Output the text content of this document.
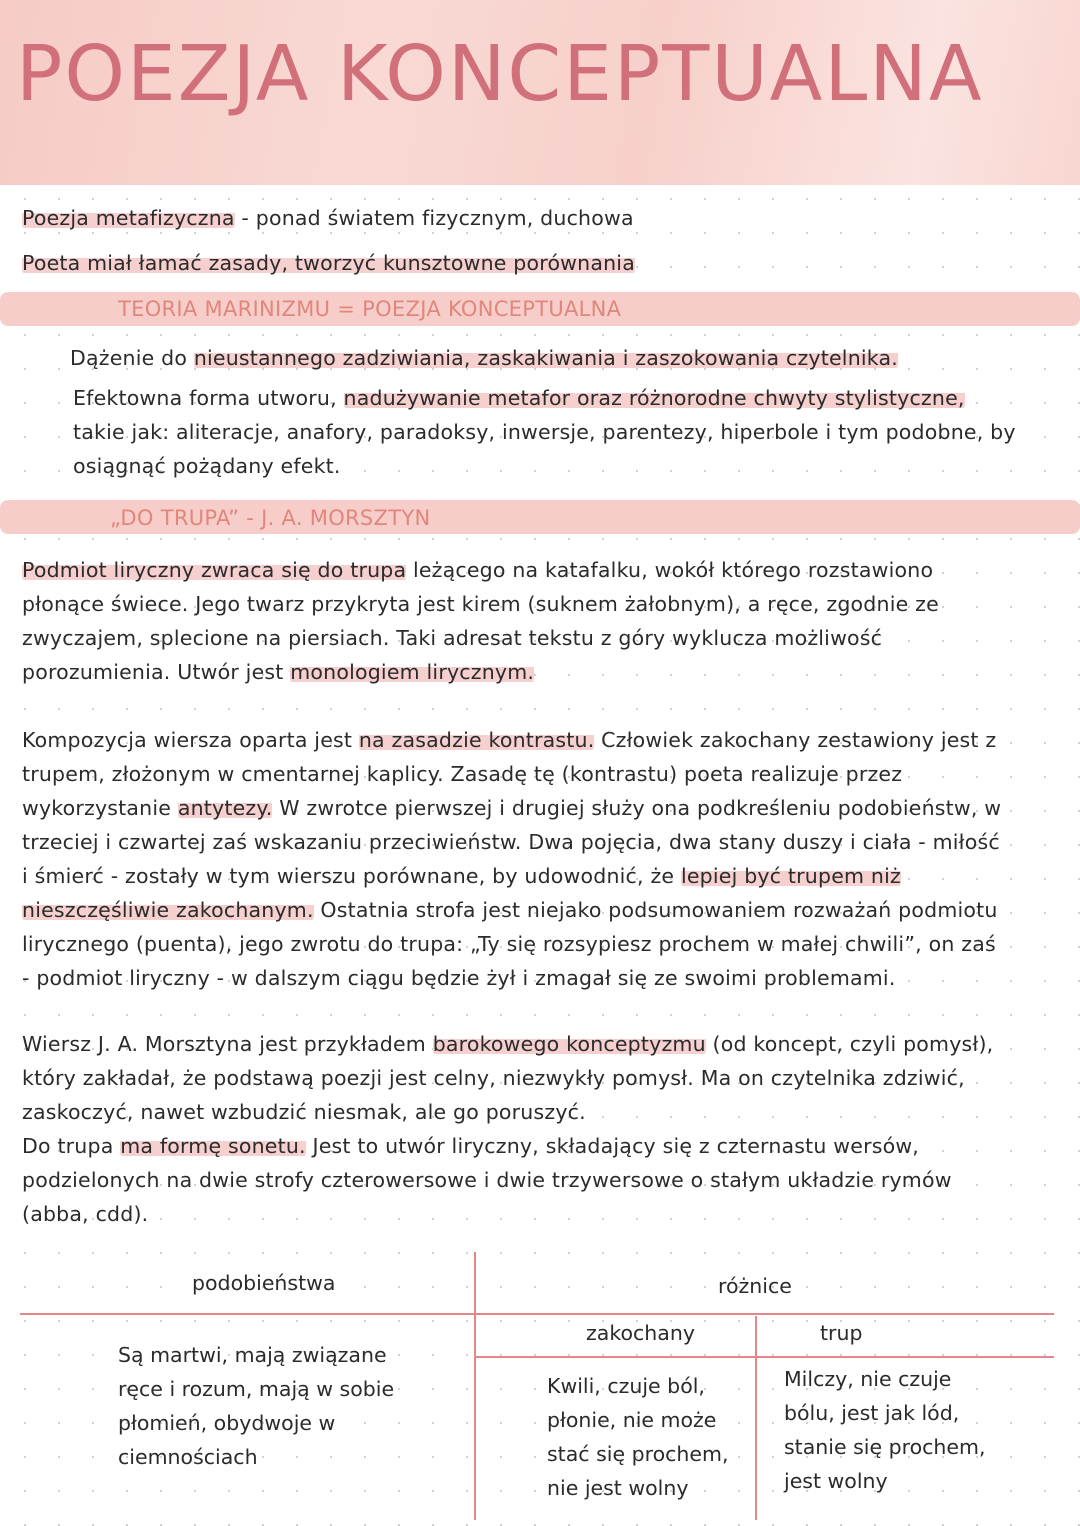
POEZJA KONCEPTUALNA

Poezja metafizyczna - ponad światem fizycznym, duchowa

Poeta miał łamać zasady, tworzyć kunsztowne porównania

TEORIA MARINIZMU = POEZJA KONCEPTUALNA

Dążenie do nieustannego zadziwiania, zaskakiwania i zaszokowania czytelnika.

Efektowna forma utworu, nadużywanie metafor oraz różnorodne chwyty stylistyczne,

takie jak: aliteracje, anafory, paradoksy, inwersje, parentezy, hiperbole i tym podobne, by

osiągnąć pożądany efekt.

„DO TRUPA” - J. A. MORSZTYN

Podmiot liryczny zwraca się do trupa leżącego na katafalku, wokół którego rozstawiono

płonące świece. Jego twarz przykryta jest kirem (suknem żałobnym), a ręce, zgodnie ze

zwyczajem, splecione na piersiach. Taki adresat tekstu z góry wyklucza możliwość

porozumienia. Utwór jest monologiem lirycznym.

Kompozycja wiersza oparta jest na zasadzie kontrastu. Człowiek zakochany zestawiony jest z

trupem, złożonym w cmentarnej kaplicy. Zasadę tę (kontrastu) poeta realizuje przez

wykorzystanie antytezy. W zwrotce pierwszej i drugiej służy ona podkreśleniu podobieństw, w

trzeciej i czwartej zaś wskazaniu przeciwieństw. Dwa pojęcia, dwa stany duszy i ciała - miłość

i śmierć - zostały w tym wierszu porównane, by udowodnić, że lepiej być trupem niż

nieszczęśliwie zakochanym. Ostatnia strofa jest niejako podsumowaniem rozważań podmiotu

lirycznego (puenta), jego zwrotu do trupa: „Ty się rozsypiesz prochem w małej chwili”, on zaś

- podmiot liryczny - w dalszym ciągu będzie żył i zmagał się ze swoimi problemami.

Wiersz J. A. Morsztyna jest przykładem barokowego konceptyzmu (od koncept, czyli pomysł),

który zakładał, że podstawą poezji jest celny, niezwykły pomysł. Ma on czytelnika zdziwić,

zaskoczyć, nawet wzbudzić niesmak, ale go poruszyć.

Do trupa ma formę sonetu. Jest to utwór liryczny, składający się z czternastu wersów,

podzielonych na dwie strofy czterowersowe i dwie trzywersowe o stałym układzie rymów

(abba, cdd).

podobieństwa	różnice
zakochany	trup
Są martwi, mają związane
ręce i rozum, mają w sobie
płomień, obydwoje w
ciemnościach
Kwili, czuje ból,
płonie, nie może
stać się prochem,
nie jest wolny
Milczy, nie czuje
bólu, jest jak lód,
stanie się prochem,
jest wolny
